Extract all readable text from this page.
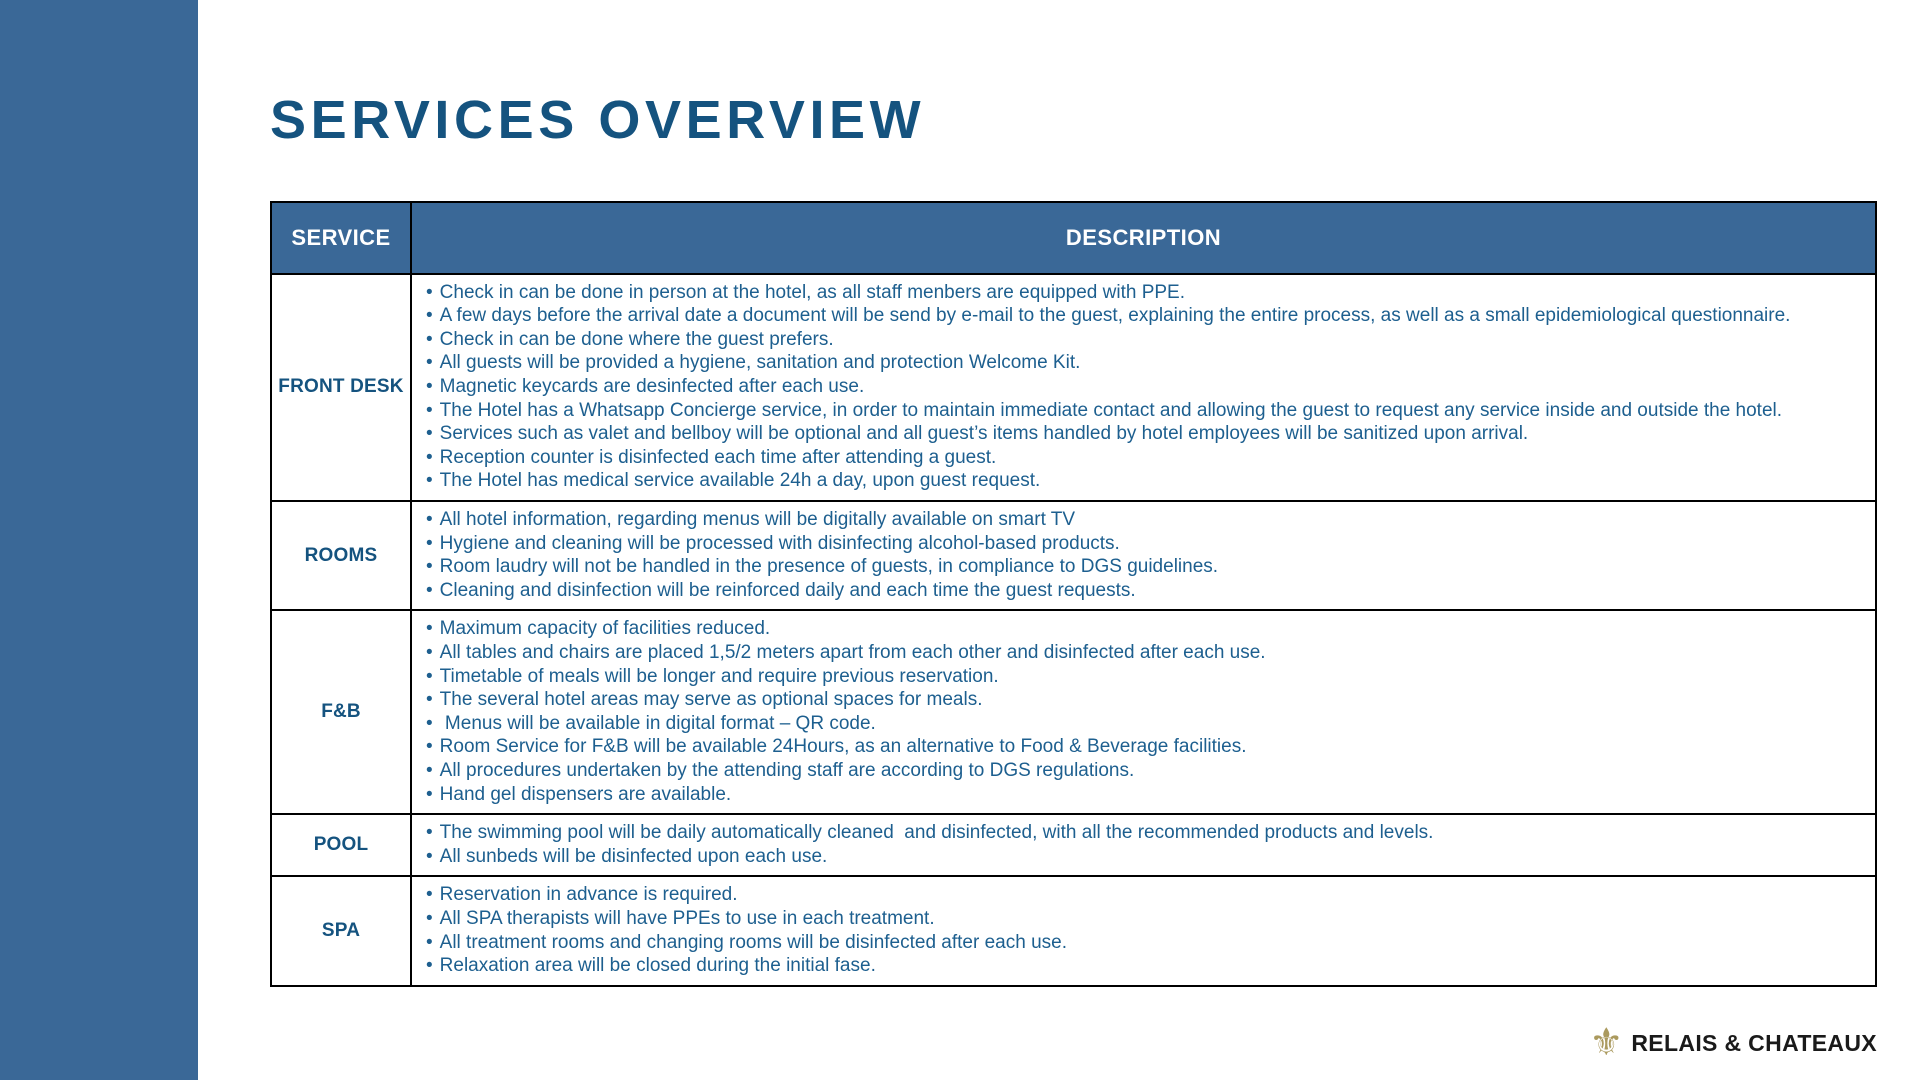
SERVICES OVERVIEW
SERVICE	DESCRIPTION
FRONT DESK	
• Check in can be done in person at the hotel, as all staff menbers are equipped with PPE.
• A few days before the arrival date a document will be send by e-mail to the guest, explaining the entire process, as well as a small epidemiological questionnaire.
• Check in can be done where the guest prefers.
• All guests will be provided a hygiene, sanitation and protection Welcome Kit.
• Magnetic keycards are desinfected after each use.
• The Hotel has a Whatsapp Concierge service, in order to maintain immediate contact and allowing the guest to request any service inside and outside the hotel.
• Services such as valet and bellboy will be optional and all guest’s items handled by hotel employees will be sanitized upon arrival.
• Reception counter is disinfected each time after attending a guest.
• The Hotel has medical service available 24h a day, upon guest request.

ROOMS	• All hotel information, regarding menus will be digitally available on smart TV
• Hygiene and cleaning will be processed with disinfecting alcohol-based products.
• Room laudry will not be handled in the presence of guests, in compliance to DGS guidelines.
• Cleaning and disinfection will be reinforced daily and each time the guest requests.

F&B	
• Maximum capacity of facilities reduced.
• All tables and chairs are placed 1,5/2 meters apart from each other and disinfected after each use.
• Timetable of meals will be longer and require previous reservation.
• The several hotel areas may serve as optional spaces for meals.
• Menus will be available in digital format – QR code.
• Room Service for F&B will be available 24Hours, as an alternative to Food & Beverage facilities.
• All procedures undertaken by the attending staff are according to DGS regulations.
• Hand gel dispensers are available.

POOL	• The swimming pool will be daily automatically cleaned  and disinfected, with all the recommended products and levels.
• All sunbeds will be disinfected upon each use.

SPA	• Reservation in advance is required.
• All SPA therapists will have PPEs to use in each treatment.
• All treatment rooms and changing rooms will be disinfected after each use.
• Relaxation area will be closed during the initial fase.
⚜ RELAIS & CHATEAUX
